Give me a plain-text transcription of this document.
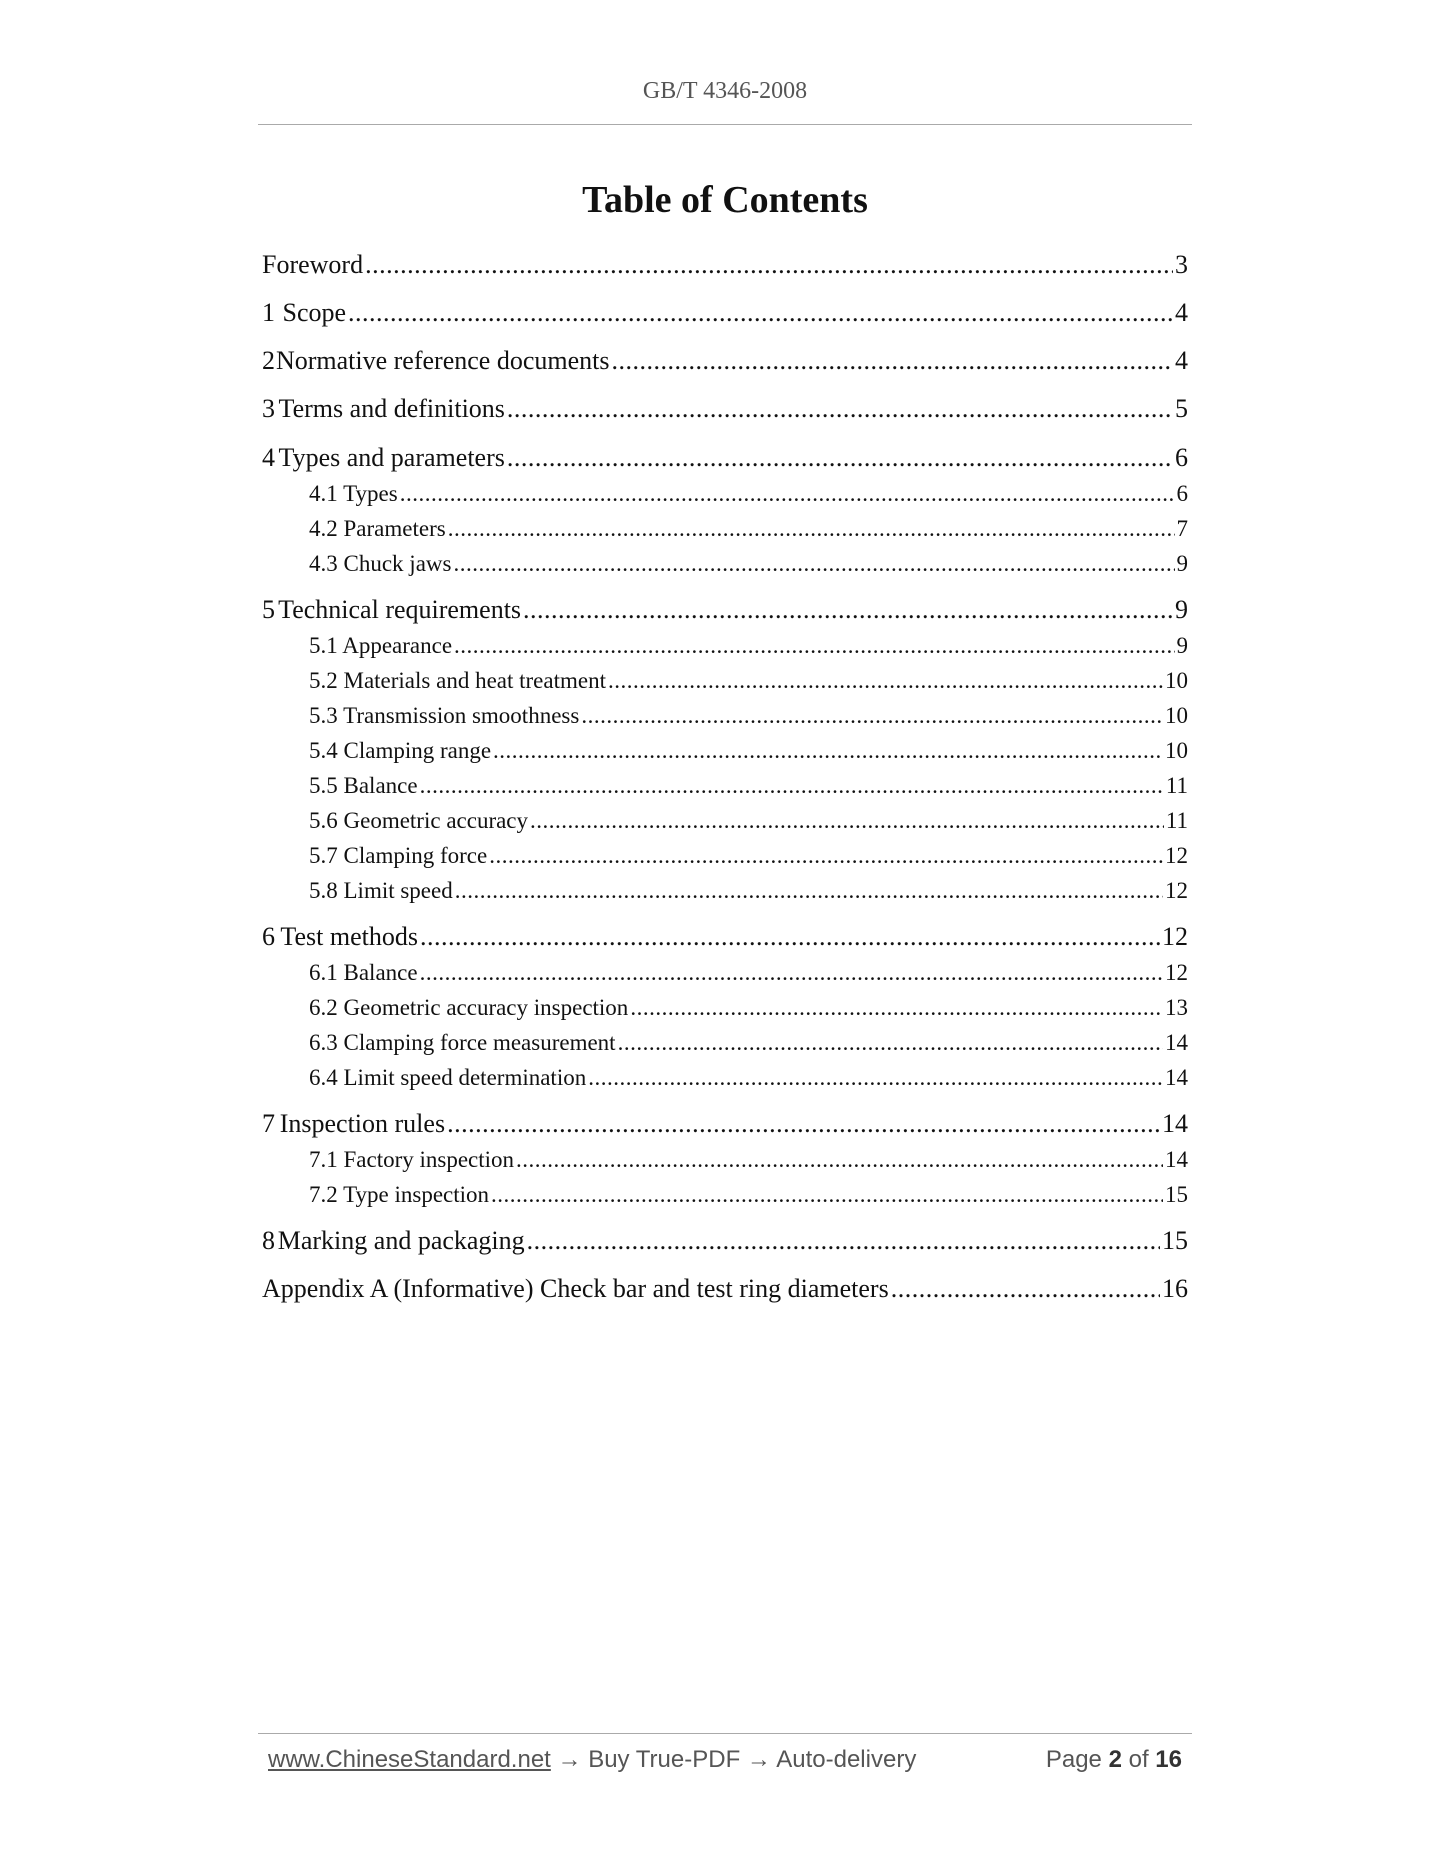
GB/T 4346-2008
Table of Contents
Foreword .....	3
1 Scope .....	4
2 Normative reference documents .....	4
3 Terms and definitions .....	5
4 Types and parameters .....	6
4.1 Types .....	6
4.2 Parameters .....	7
4.3 Chuck jaws .....	9
5 Technical requirements .....	9
5.1 Appearance .....	9
5.2 Materials and heat treatment .....	10
5.3 Transmission smoothness .....	10
5.4 Clamping range .....	10
5.5 Balance .....	11
5.6 Geometric accuracy .....	11
5.7 Clamping force .....	12
5.8 Limit speed .....	12
6 Test methods .....	12
6.1 Balance .....	12
6.2 Geometric accuracy inspection .....	13
6.3 Clamping force measurement .....	14
6.4 Limit speed determination .....	14
7 Inspection rules .....	14
7.1 Factory inspection .....	14
7.2 Type inspection .....	15
8 Marking and packaging .....	15
Appendix A (Informative) Check bar and test ring diameters .....	16
www.ChineseStandard.net → Buy True-PDF → Auto-delivery	Page 2 of 16
